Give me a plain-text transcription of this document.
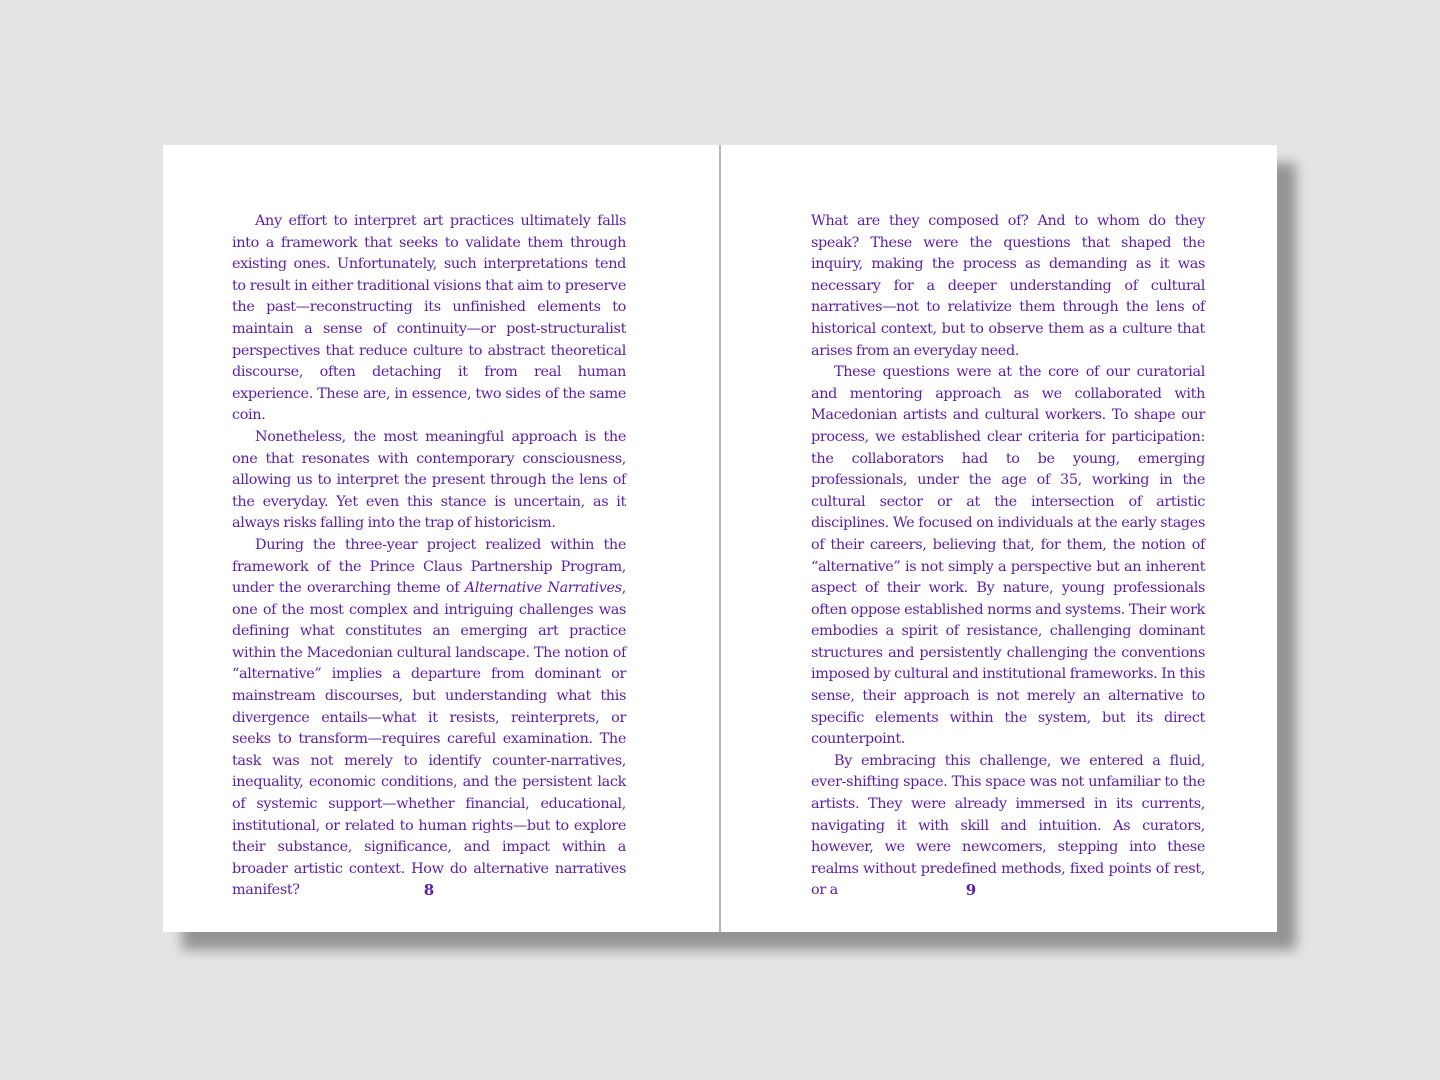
Any effort to interpret art practices ultimately falls into a framework that seeks to validate them through existing ones. Unfortunately, such interpretations tend to result in either traditional visions that aim to preserve the past—reconstructing its unfinished elements to maintain a sense of continuity—or post-structuralist perspectives that reduce culture to abstract theoretical discourse, often detaching it from real human experience. These are, in essence, two sides of the same coin.

Nonetheless, the most meaningful approach is the one that resonates with contemporary consciousness, allowing us to interpret the present through the lens of the everyday. Yet even this stance is uncertain, as it always risks falling into the trap of historicism.

During the three-year project realized within the framework of the Prince Claus Partnership Program, under the overarching theme of Alternative Narratives, one of the most complex and intriguing challenges was defining what constitutes an emerging art practice within the Macedonian cultural landscape. The notion of “alternative” implies a departure from dominant or mainstream discourses, but understanding what this divergence entails—what it resists, reinterprets, or seeks to transform—requires careful examination. The task was not merely to identify counter-narratives, inequality, economic conditions, and the persistent lack of systemic support—whether financial, educational, institutional, or related to human rights—but to explore their substance, significance, and impact within a broader artistic context. How do alternative narratives manifest?	8

What are they composed of? And to whom do they speak? These were the questions that shaped the inquiry, making the process as demanding as it was necessary for a deeper understanding of cultural narratives—not to relativize them through the lens of historical context, but to observe them as a culture that arises from an everyday need.

These questions were at the core of our curatorial and mentoring approach as we collaborated with Macedonian artists and cultural workers. To shape our process, we established clear criteria for participation: the collaborators had to be young, emerging professionals, under the age of 35, working in the cultural sector or at the intersection of artistic disciplines. We focused on individuals at the early stages of their careers, believing that, for them, the notion of “alternative” is not simply a perspective but an inherent aspect of their work. By nature, young professionals often oppose established norms and systems. Their work embodies a spirit of resistance, challenging dominant structures and persistently challenging the conventions imposed by cultural and institutional frameworks. In this sense, their approach is not merely an alternative to specific elements within the system, but its direct counterpoint.

By embracing this challenge, we entered a fluid, ever-shifting space. This space was not unfamiliar to the artists. They were already immersed in its currents, navigating it with skill and intuition. As curators, however, we were newcomers, stepping into these realms without predefined methods, fixed points of rest, or a	9
